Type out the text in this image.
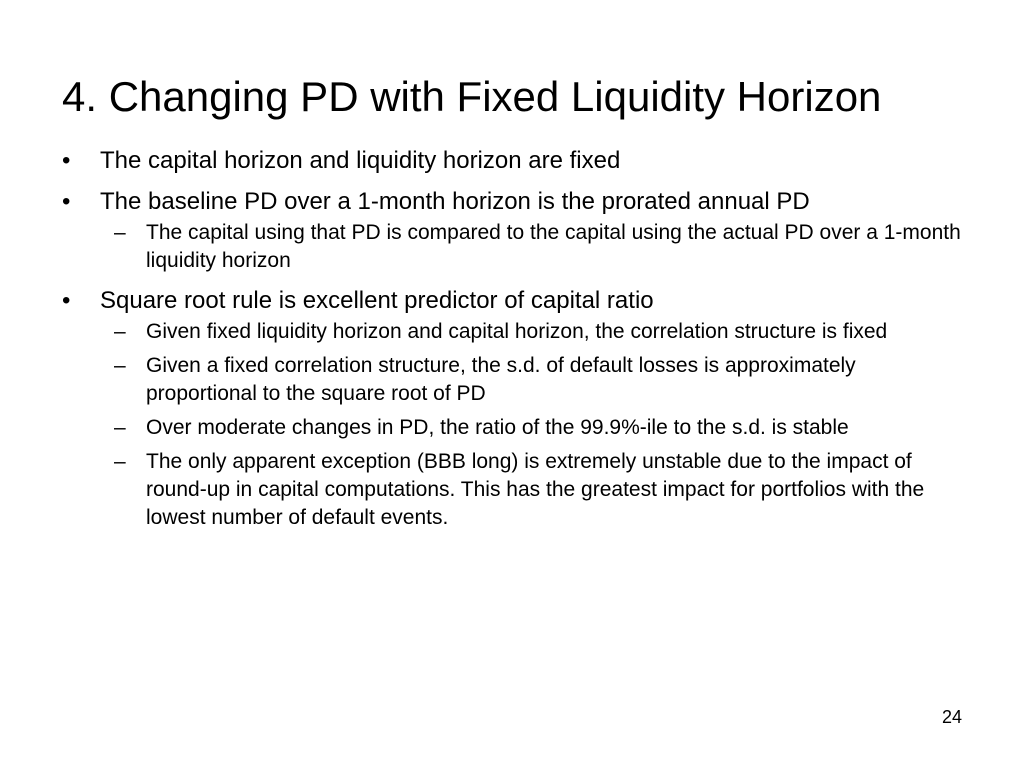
4. Changing PD with Fixed Liquidity Horizon
• The capital horizon and liquidity horizon are fixed
• The baseline PD over a 1-month horizon is the prorated annual PD
– The capital using that PD is compared to the capital using the actual PD over a 1-month liquidity horizon
• Square root rule is excellent predictor of capital ratio
– Given fixed liquidity horizon and capital horizon, the correlation structure is fixed
– Given a fixed correlation structure, the s.d. of default losses is approximately proportional to the square root of PD
– Over moderate changes in PD, the ratio of the 99.9%-ile to the s.d. is stable
– The only apparent exception (BBB long) is extremely unstable due to the impact of round-up in capital computations. This has the greatest impact for portfolios with the lowest number of default events.
24
